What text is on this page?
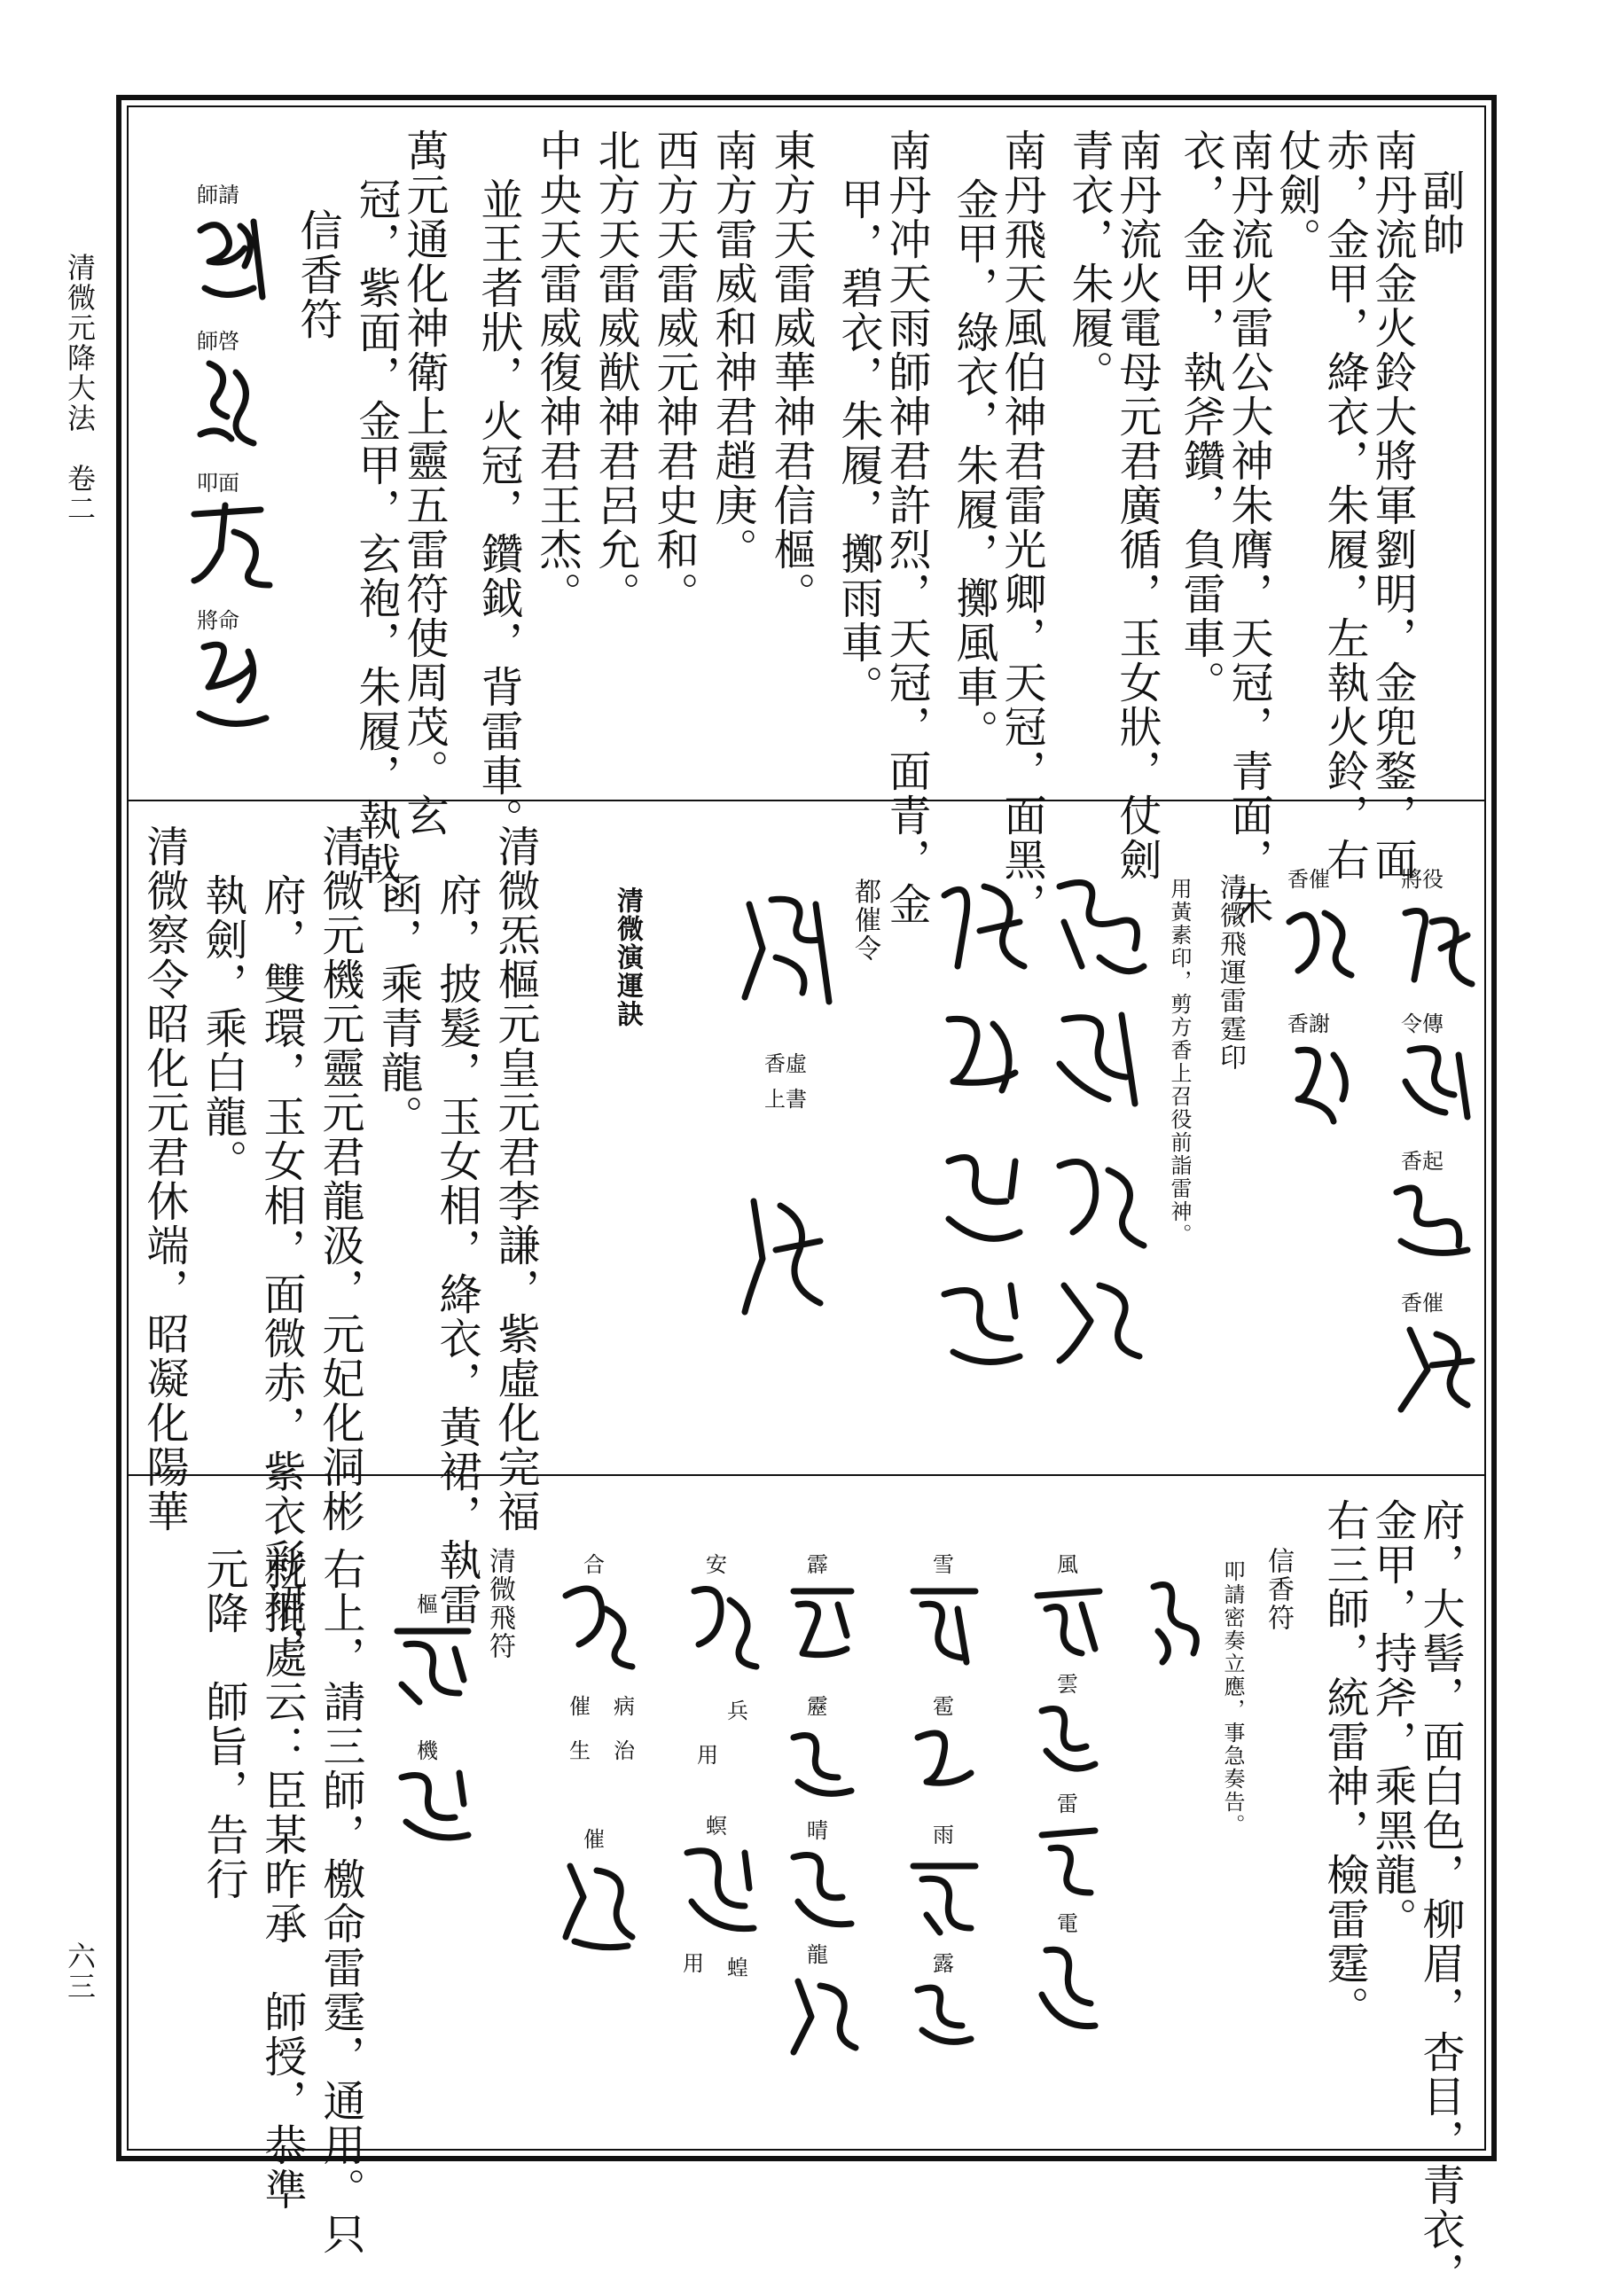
清微元降大法　卷二
六三
副帥
南丹流金火鈴大將軍劉明，金兜鍪，面
赤，金甲，絳衣，朱履，左執火鈴，右
仗劍。
南丹流火雷公大神朱膺，天冠，青面，朱
衣，金甲，執斧鑽，負雷車。
南丹流火電母元君廣循，玉女狀，仗劍
青衣，朱履。
南丹飛天風伯神君雷光卿，天冠，面黑，
金甲，綠衣，朱履，擲風車。
南丹冲天雨師神君許烈，天冠，面青，金
甲，碧衣，朱履，擲雨車。
東方天雷威華神君信樞。
南方雷威和神君趙庚。
西方天雷威元神君史和。
北方天雷威猷神君呂允。
中央天雷威復神君王杰。
並王者狀，火冠，鑽鉞，背雷車。
萬元通化神衛上靈五雷符使周茂。玄
冠，紫面，金甲，玄袍，朱履，執戟。
信香符
師請
師啓
叩面
將命
將役
香催
令傳
香謝
香起
香催
清微飛運雷霆印
用黃素印，剪方香上召役前詣雷神。
都催令
香虛
上書
清微演運訣
清微炁樞元皇元君李謙，紫虛化完福
府，披髮，玉女相，絳衣，黃裙，執雷
函，乘青龍。
清微元機元靈元君龍汲，元妃化洞彬
府，雙環，玉女相，面微赤，紫衣彩裙，
執劍，乘白龍。
清微察令昭化元君休端，昭凝化陽華
府，大髻，面白色，柳眉，杏目，青衣，
金甲，持斧，乘黑龍。
右三師，統雷神，檢雷霆。
信香符
叩請密奏立應，事急奏告。
風
雲
雷
電
雪
雹
雨
露
霹
靂
晴
龍
安
兵
用
螟
用 蝗
合
病
治
催
生
催
清微飛符
樞
機
右上，請三師，檄命雷霆，通用。只
就批處云：臣某昨承　師授，恭準
元降　師旨，告行
